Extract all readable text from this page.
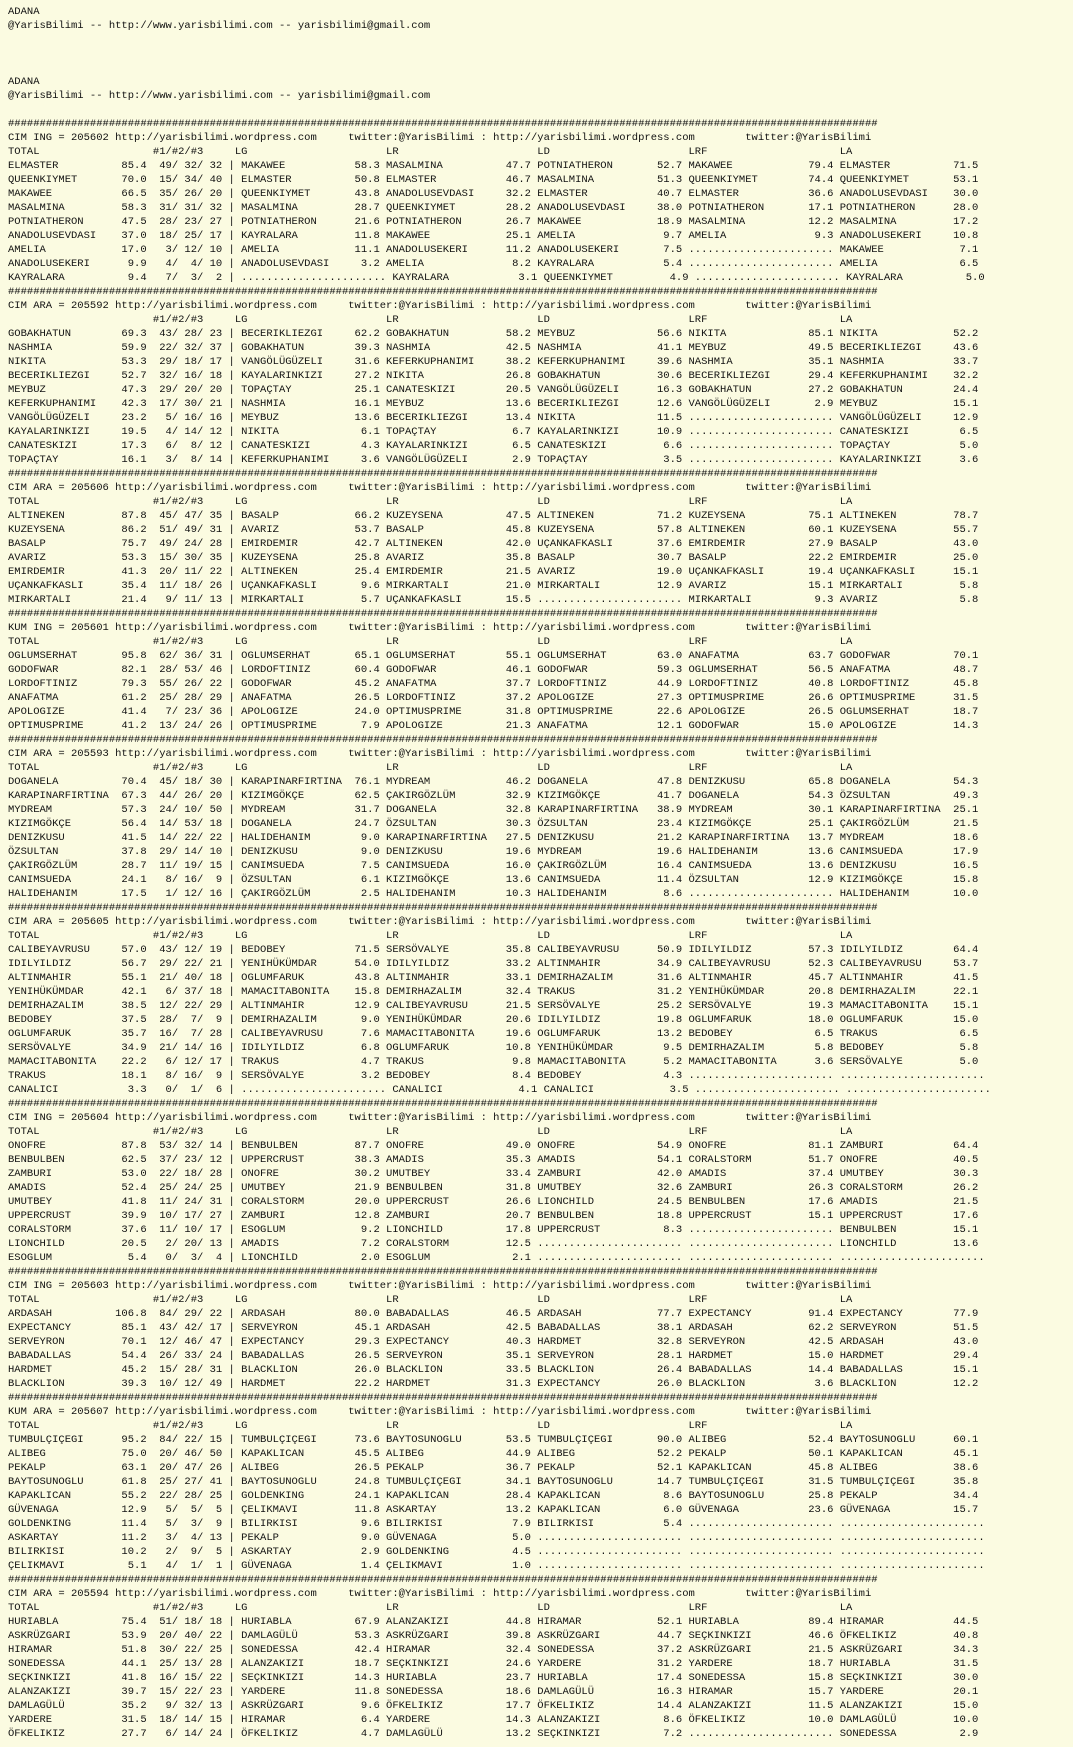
ADANA
@YarisBilimi -- http://www.yarisbilimi.com -- yarisbilimi@gmail.com

ADANA
@YarisBilimi -- http://www.yarisbilimi.com -- yarisbilimi@gmail.com

##########################################################################################################################################
CIM ING = 205602 http://yarisbilimi.wordpress.com     twitter:@YarisBilimi : http://yarisbilimi.wordpress.com        twitter:@YarisBilimi
TOTAL                  #1/#2/#3     LG                      LR                      LD                      LRF                     LA
ELMASTER          85.4  49/ 32/ 32 | MAKAWEE           58.3 MASALMINA          47.7 POTNIATHERON       52.7 MAKAWEE            79.4 ELMASTER          71.5
QUEENKIYMET       70.0  15/ 34/ 40 | ELMASTER          50.8 ELMASTER           46.7 MASALMINA          51.3 QUEENKIYMET        74.4 QUEENKIYMET       53.1
MAKAWEE           66.5  35/ 26/ 20 | QUEENKIYMET       43.8 ANADOLUSEVDASI     32.2 ELMASTER           40.7 ELMASTER           36.6 ANADOLUSEVDASI    30.0
MASALMINA         58.3  31/ 31/ 32 | MASALMINA         28.7 QUEENKIYMET        28.2 ANADOLUSEVDASI     38.0 POTNIATHERON       17.1 POTNIATHERON      28.0
POTNIATHERON      47.5  28/ 23/ 27 | POTNIATHERON      21.6 POTNIATHERON       26.7 MAKAWEE            18.9 MASALMINA          12.2 MASALMINA         17.2
ANADOLUSEVDASI    37.0  18/ 25/ 17 | KAYRALARA         11.8 MAKAWEE            25.1 AMELIA              9.7 AMELIA              9.3 ANADOLUSEKERI     10.8
AMELIA            17.0   3/ 12/ 10 | AMELIA            11.1 ANADOLUSEKERI      11.2 ANADOLUSEKERI       7.5 ....................... MAKAWEE            7.1
ANADOLUSEKERI      9.9   4/  4/ 10 | ANADOLUSEVDASI     3.2 AMELIA              8.2 KAYRALARA           5.4 ....................... AMELIA             6.5
KAYRALARA          9.4   7/  3/  2 | ....................... KAYRALARA           3.1 QUEENKIYMET         4.9 ....................... KAYRALARA          5.0
##########################################################################################################################################
CIM ARA = 205592 http://yarisbilimi.wordpress.com     twitter:@YarisBilimi : http://yarisbilimi.wordpress.com        twitter:@YarisBilimi
#1/#2/#3     LG                      LR                      LD                      LRF                     LA
GOBAKHATUN        69.3  43/ 28/ 23 | BECERIKLIEZGI     62.2 GOBAKHATUN         58.2 MEYBUZ             56.6 NIKITA             85.1 NIKITA            52.2
NASHMIA           59.9  22/ 32/ 37 | GOBAKHATUN        39.3 NASHMIA            42.5 NASHMIA            41.1 MEYBUZ             49.5 BECERIKLIEZGI     43.6
NIKITA            53.3  29/ 18/ 17 | VANGÖLÜGÜZELI     31.6 KEFERKUPHANIMI     38.2 KEFERKUPHANIMI     39.6 NASHMIA            35.1 NASHMIA           33.7
BECERIKLIEZGI     52.7  32/ 16/ 18 | KAYALARINKIZI     27.2 NIKITA             26.8 GOBAKHATUN         30.6 BECERIKLIEZGI      29.4 KEFERKUPHANIMI    32.2
MEYBUZ            47.3  29/ 20/ 20 | TOPAÇTAY          25.1 CANATESKIZI        20.5 VANGÖLÜGÜZELI      16.3 GOBAKHATUN         27.2 GOBAKHATUN        24.4
KEFERKUPHANIMI    42.3  17/ 30/ 21 | NASHMIA           16.1 MEYBUZ             13.6 BECERIKLIEZGI      12.6 VANGÖLÜGÜZELI       2.9 MEYBUZ            15.1
VANGÖLÜGÜZELI     23.2   5/ 16/ 16 | MEYBUZ            13.6 BECERIKLIEZGI      13.4 NIKITA             11.5 ....................... VANGÖLÜGÜZELI     12.9
KAYALARINKIZI     19.5   4/ 14/ 12 | NIKITA             6.1 TOPAÇTAY            6.7 KAYALARINKIZI      10.9 ....................... CANATESKIZI        6.5
CANATESKIZI       17.3   6/  8/ 12 | CANATESKIZI        4.3 KAYALARINKIZI       6.5 CANATESKIZI         6.6 ....................... TOPAÇTAY           5.0
TOPAÇTAY          16.1   3/  8/ 14 | KEFERKUPHANIMI     3.6 VANGÖLÜGÜZELI       2.9 TOPAÇTAY            3.5 ....................... KAYALARINKIZI      3.6
##########################################################################################################################################
CIM ARA = 205606 http://yarisbilimi.wordpress.com     twitter:@YarisBilimi : http://yarisbilimi.wordpress.com        twitter:@YarisBilimi
TOTAL                  #1/#2/#3     LG                      LR                      LD                      LRF                     LA
ALTINEKEN         87.8  45/ 47/ 35 | BASALP            66.2 KUZEYSENA          47.5 ALTINEKEN          71.2 KUZEYSENA          75.1 ALTINEKEN         78.7
KUZEYSENA         86.2  51/ 49/ 31 | AVARIZ            53.7 BASALP             45.8 KUZEYSENA          57.8 ALTINEKEN          60.1 KUZEYSENA         55.7
BASALP            75.7  49/ 24/ 28 | EMIRDEMIR         42.7 ALTINEKEN          42.0 UÇANKAFKASLI       37.6 EMIRDEMIR          27.9 BASALP            43.0
AVARIZ            53.3  15/ 30/ 35 | KUZEYSENA         25.8 AVARIZ             35.8 BASALP             30.7 BASALP             22.2 EMIRDEMIR         25.0
EMIRDEMIR         41.3  20/ 11/ 22 | ALTINEKEN         25.4 EMIRDEMIR          21.5 AVARIZ             19.0 UÇANKAFKASLI       19.4 UÇANKAFKASLI      15.1
UÇANKAFKASLI      35.4  11/ 18/ 26 | UÇANKAFKASLI       9.6 MIRKARTALI         21.0 MIRKARTALI         12.9 AVARIZ             15.1 MIRKARTALI         5.8
MIRKARTALI        21.4   9/ 11/ 13 | MIRKARTALI         5.7 UÇANKAFKASLI       15.5 ....................... MIRKARTALI          9.3 AVARIZ             5.8
##########################################################################################################################################
KUM ING = 205601 http://yarisbilimi.wordpress.com     twitter:@YarisBilimi : http://yarisbilimi.wordpress.com        twitter:@YarisBilimi
TOTAL                  #1/#2/#3     LG                      LR                      LD                      LRF                     LA
OGLUMSERHAT       95.8  62/ 36/ 31 | OGLUMSERHAT       65.1 OGLUMSERHAT        55.1 OGLUMSERHAT        63.0 ANAFATMA           63.7 GODOFWAR          70.1
GODOFWAR          82.1  28/ 53/ 46 | LORDOFTINIZ       60.4 GODOFWAR           46.1 GODOFWAR           59.3 OGLUMSERHAT        56.5 ANAFATMA          48.7
LORDOFTINIZ       79.3  55/ 26/ 22 | GODOFWAR          45.2 ANAFATMA           37.7 LORDOFTINIZ        44.9 LORDOFTINIZ        40.8 LORDOFTINIZ       45.8
ANAFATMA          61.2  25/ 28/ 29 | ANAFATMA          26.5 LORDOFTINIZ        37.2 APOLOGIZE          27.3 OPTIMUSPRIME       26.6 OPTIMUSPRIME      31.5
APOLOGIZE         41.4   7/ 23/ 36 | APOLOGIZE         24.0 OPTIMUSPRIME       31.8 OPTIMUSPRIME       22.6 APOLOGIZE          26.5 OGLUMSERHAT       18.7
OPTIMUSPRIME      41.2  13/ 24/ 26 | OPTIMUSPRIME       7.9 APOLOGIZE          21.3 ANAFATMA           12.1 GODOFWAR           15.0 APOLOGIZE         14.3
##########################################################################################################################################
CIM ARA = 205593 http://yarisbilimi.wordpress.com     twitter:@YarisBilimi : http://yarisbilimi.wordpress.com        twitter:@YarisBilimi
TOTAL                  #1/#2/#3     LG                      LR                      LD                      LRF                     LA
DOGANELA          70.4  45/ 18/ 30 | KARAPINARFIRTINA  76.1 MYDREAM            46.2 DOGANELA           47.8 DENIZKUSU          65.8 DOGANELA          54.3
KARAPINARFIRTINA  67.3  44/ 26/ 20 | KIZIMGÖKÇE        62.5 ÇAKIRGÖZLÜM        32.9 KIZIMGÖKÇE         41.7 DOGANELA           54.3 ÖZSULTAN          49.3
MYDREAM           57.3  24/ 10/ 50 | MYDREAM           31.7 DOGANELA           32.8 KARAPINARFIRTINA   38.9 MYDREAM            30.1 KARAPINARFIRTINA  25.1
KIZIMGÖKÇE        56.4  14/ 53/ 18 | DOGANELA          24.7 ÖZSULTAN           30.3 ÖZSULTAN           23.4 KIZIMGÖKÇE         25.1 ÇAKIRGÖZLÜM       21.5
DENIZKUSU         41.5  14/ 22/ 22 | HALIDEHANIM        9.0 KARAPINARFIRTINA   27.5 DENIZKUSU          21.2 KARAPINARFIRTINA   13.7 MYDREAM           18.6
ÖZSULTAN          37.8  29/ 14/ 10 | DENIZKUSU          9.0 DENIZKUSU          19.6 MYDREAM            19.6 HALIDEHANIM        13.6 CANIMSUEDA        17.9
ÇAKIRGÖZLÜM       28.7  11/ 19/ 15 | CANIMSUEDA         7.5 CANIMSUEDA         16.0 ÇAKIRGÖZLÜM        16.4 CANIMSUEDA         13.6 DENIZKUSU         16.5
CANIMSUEDA        24.1   8/ 16/  9 | ÖZSULTAN           6.1 KIZIMGÖKÇE         13.6 CANIMSUEDA         11.4 ÖZSULTAN           12.9 KIZIMGÖKÇE        15.8
HALIDEHANIM       17.5   1/ 12/ 16 | ÇAKIRGÖZLÜM        2.5 HALIDEHANIM        10.3 HALIDEHANIM         8.6 ....................... HALIDEHANIM       10.0
##########################################################################################################################################
CIM ARA = 205605 http://yarisbilimi.wordpress.com     twitter:@YarisBilimi : http://yarisbilimi.wordpress.com        twitter:@YarisBilimi
TOTAL                  #1/#2/#3     LG                      LR                      LD                      LRF                     LA
CALIBEYAVRUSU     57.0  43/ 12/ 19 | BEDOBEY           71.5 SERSÖVALYE         35.8 CALIBEYAVRUSU      50.9 IDILYILDIZ         57.3 IDILYILDIZ        64.4
IDILYILDIZ        56.7  29/ 22/ 21 | YENIHÜKÜMDAR      54.0 IDILYILDIZ         33.2 ALTINMAHIR         34.9 CALIBEYAVRUSU      52.3 CALIBEYAVRUSU     53.7
ALTINMAHIR        55.1  21/ 40/ 18 | OGLUMFARUK        43.8 ALTINMAHIR         33.1 DEMIRHAZALIM       31.6 ALTINMAHIR         45.7 ALTINMAHIR        41.5
YENIHÜKÜMDAR      42.1   6/ 37/ 18 | MAMACITABONITA    15.8 DEMIRHAZALIM       32.4 TRAKUS             31.2 YENIHÜKÜMDAR       20.8 DEMIRHAZALIM      22.1
DEMIRHAZALIM      38.5  12/ 22/ 29 | ALTINMAHIR        12.9 CALIBEYAVRUSU      21.5 SERSÖVALYE         25.2 SERSÖVALYE         19.3 MAMACITABONITA    15.1
BEDOBEY           37.5  28/  7/  9 | DEMIRHAZALIM       9.0 YENIHÜKÜMDAR       20.6 IDILYILDIZ         19.8 OGLUMFARUK         18.0 OGLUMFARUK        15.0
OGLUMFARUK        35.7  16/  7/ 28 | CALIBEYAVRUSU      7.6 MAMACITABONITA     19.6 OGLUMFARUK         13.2 BEDOBEY             6.5 TRAKUS             6.5
SERSÖVALYE        34.9  21/ 14/ 16 | IDILYILDIZ         6.8 OGLUMFARUK         10.8 YENIHÜKÜMDAR        9.5 DEMIRHAZALIM        5.8 BEDOBEY            5.8
MAMACITABONITA    22.2   6/ 12/ 17 | TRAKUS             4.7 TRAKUS              9.8 MAMACITABONITA      5.2 MAMACITABONITA      3.6 SERSÖVALYE         5.0
TRAKUS            18.1   8/ 16/  9 | SERSÖVALYE         3.2 BEDOBEY             8.4 BEDOBEY             4.3 ....................... .......................
CANALICI           3.3   0/  1/  6 | ....................... CANALICI            4.1 CANALICI            3.5 ....................... .......................
##########################################################################################################################################
CIM ING = 205604 http://yarisbilimi.wordpress.com     twitter:@YarisBilimi : http://yarisbilimi.wordpress.com        twitter:@YarisBilimi
TOTAL                  #1/#2/#3     LG                      LR                      LD                      LRF                     LA
ONOFRE            87.8  53/ 32/ 14 | BENBULBEN         87.7 ONOFRE             49.0 ONOFRE             54.9 ONOFRE             81.1 ZAMBURI           64.4
BENBULBEN         62.5  37/ 23/ 12 | UPPERCRUST        38.3 AMADIS             35.3 AMADIS             54.1 CORALSTORM         51.7 ONOFRE            40.5
ZAMBURI           53.0  22/ 18/ 28 | ONOFRE            30.2 UMUTBEY            33.4 ZAMBURI            42.0 AMADIS             37.4 UMUTBEY           30.3
AMADIS            52.4  25/ 24/ 25 | UMUTBEY           21.9 BENBULBEN          31.8 UMUTBEY            32.6 ZAMBURI            26.3 CORALSTORM        26.2
UMUTBEY           41.8  11/ 24/ 31 | CORALSTORM        20.0 UPPERCRUST         26.6 LIONCHILD          24.5 BENBULBEN          17.6 AMADIS            21.5
UPPERCRUST        39.9  10/ 17/ 27 | ZAMBURI           12.8 ZAMBURI            20.7 BENBULBEN          18.8 UPPERCRUST         15.1 UPPERCRUST        17.6
CORALSTORM        37.6  11/ 10/ 17 | ESOGLUM            9.2 LIONCHILD          17.8 UPPERCRUST          8.3 ....................... BENBULBEN         15.1
LIONCHILD         20.5   2/ 20/ 13 | AMADIS             7.2 CORALSTORM         12.5 ....................... ....................... LIONCHILD         13.6
ESOGLUM            5.4   0/  3/  4 | LIONCHILD          2.0 ESOGLUM             2.1 ....................... ....................... .......................
##########################################################################################################################################
CIM ING = 205603 http://yarisbilimi.wordpress.com     twitter:@YarisBilimi : http://yarisbilimi.wordpress.com        twitter:@YarisBilimi
TOTAL                  #1/#2/#3     LG                      LR                      LD                      LRF                     LA
ARDASAH          106.8  84/ 29/ 22 | ARDASAH           80.0 BABADALLAS         46.5 ARDASAH            77.7 EXPECTANCY         91.4 EXPECTANCY        77.9
EXPECTANCY        85.1  43/ 42/ 17 | SERVEYRON         45.1 ARDASAH            42.5 BABADALLAS         38.1 ARDASAH            62.2 SERVEYRON         51.5
SERVEYRON         70.1  12/ 46/ 47 | EXPECTANCY        29.3 EXPECTANCY         40.3 HARDMET            32.8 SERVEYRON          42.5 ARDASAH           43.0
BABADALLAS        54.4  26/ 33/ 24 | BABADALLAS        26.5 SERVEYRON          35.1 SERVEYRON          28.1 HARDMET            15.0 HARDMET           29.4
HARDMET           45.2  15/ 28/ 31 | BLACKLION         26.0 BLACKLION          33.5 BLACKLION          26.4 BABADALLAS         14.4 BABADALLAS        15.1
BLACKLION         39.3  10/ 12/ 49 | HARDMET           22.2 HARDMET            31.3 EXPECTANCY         26.0 BLACKLION           3.6 BLACKLION         12.2
##########################################################################################################################################
KUM ARA = 205607 http://yarisbilimi.wordpress.com     twitter:@YarisBilimi : http://yarisbilimi.wordpress.com        twitter:@YarisBilimi
TOTAL                  #1/#2/#3     LG                      LR                      LD                      LRF                     LA
TUMBULÇIÇEGI      95.2  84/ 22/ 15 | TUMBULÇIÇEGI      73.6 BAYTOSUNOGLU       53.5 TUMBULÇIÇEGI       90.0 ALIBEG             52.4 BAYTOSUNOGLU      60.1
ALIBEG            75.0  20/ 46/ 50 | KAPAKLICAN        45.5 ALIBEG             44.9 ALIBEG             52.2 PEKALP             50.1 KAPAKLICAN        45.1
PEKALP            63.1  20/ 47/ 26 | ALIBEG            26.5 PEKALP             36.7 PEKALP             52.1 KAPAKLICAN         45.8 ALIBEG            38.6
BAYTOSUNOGLU      61.8  25/ 27/ 41 | BAYTOSUNOGLU      24.8 TUMBULÇIÇEGI       34.1 BAYTOSUNOGLU       14.7 TUMBULÇIÇEGI       31.5 TUMBULÇIÇEGI      35.8
KAPAKLICAN        55.2  22/ 28/ 25 | GOLDENKING        24.1 KAPAKLICAN         28.4 KAPAKLICAN          8.6 BAYTOSUNOGLU       25.8 PEKALP            34.4
GÜVENAGA          12.9   5/  5/  5 | ÇELIKMAVI         11.8 ASKARTAY           13.2 KAPAKLICAN          6.0 GÜVENAGA           23.6 GÜVENAGA          15.7
GOLDENKING        11.4   5/  3/  9 | BILIRKISI          9.6 BILIRKISI           7.9 BILIRKISI           5.4 ....................... .......................
ASKARTAY          11.2   3/  4/ 13 | PEKALP             9.0 GÜVENAGA            5.0 ....................... ....................... .......................
BILIRKISI         10.2   2/  9/  5 | ASKARTAY           2.9 GOLDENKING          4.5 ....................... ....................... .......................
ÇELIKMAVI          5.1   4/  1/  1 | GÜVENAGA           1.4 ÇELIKMAVI           1.0 ....................... ....................... .......................
##########################################################################################################################################
CIM ARA = 205594 http://yarisbilimi.wordpress.com     twitter:@YarisBilimi : http://yarisbilimi.wordpress.com        twitter:@YarisBilimi
TOTAL                  #1/#2/#3     LG                      LR                      LD                      LRF                     LA
HURIABLA          75.4  51/ 18/ 18 | HURIABLA          67.9 ALANZAKIZI         44.8 HIRAMAR            52.1 HURIABLA           89.4 HIRAMAR           44.5
ASKRÜZGARI        53.9  20/ 40/ 22 | DAMLAGÜLÜ         53.3 ASKRÜZGARI         39.8 ASKRÜZGARI         44.7 SEÇKINKIZI         46.6 ÖFKELIKIZ         40.8
HIRAMAR           51.8  30/ 22/ 25 | SONEDESSA         42.4 HIRAMAR            32.4 SONEDESSA          37.2 ASKRÜZGARI         21.5 ASKRÜZGARI        34.3
SONEDESSA         44.1  25/ 13/ 28 | ALANZAKIZI        18.7 SEÇKINKIZI         24.6 YARDERE            31.2 YARDERE            18.7 HURIABLA          31.5
SEÇKINKIZI        41.8  16/ 15/ 22 | SEÇKINKIZI        14.3 HURIABLA           23.7 HURIABLA           17.4 SONEDESSA          15.8 SEÇKINKIZI        30.0
ALANZAKIZI        39.7  15/ 22/ 23 | YARDERE           11.8 SONEDESSA          18.6 DAMLAGÜLÜ          16.3 HIRAMAR            15.7 YARDERE           20.1
DAMLAGÜLÜ         35.2   9/ 32/ 13 | ASKRÜZGARI         9.6 ÖFKELIKIZ          17.7 ÖFKELIKIZ          14.4 ALANZAKIZI         11.5 ALANZAKIZI        15.0
YARDERE           31.5  18/ 14/ 15 | HIRAMAR            6.4 YARDERE            14.3 ALANZAKIZI          8.6 ÖFKELIKIZ          10.0 DAMLAGÜLÜ         10.0
ÖFKELIKIZ         27.7   6/ 14/ 24 | ÖFKELIKIZ          4.7 DAMLAGÜLÜ          13.2 SEÇKINKIZI          7.2 ....................... SONEDESSA          2.9
